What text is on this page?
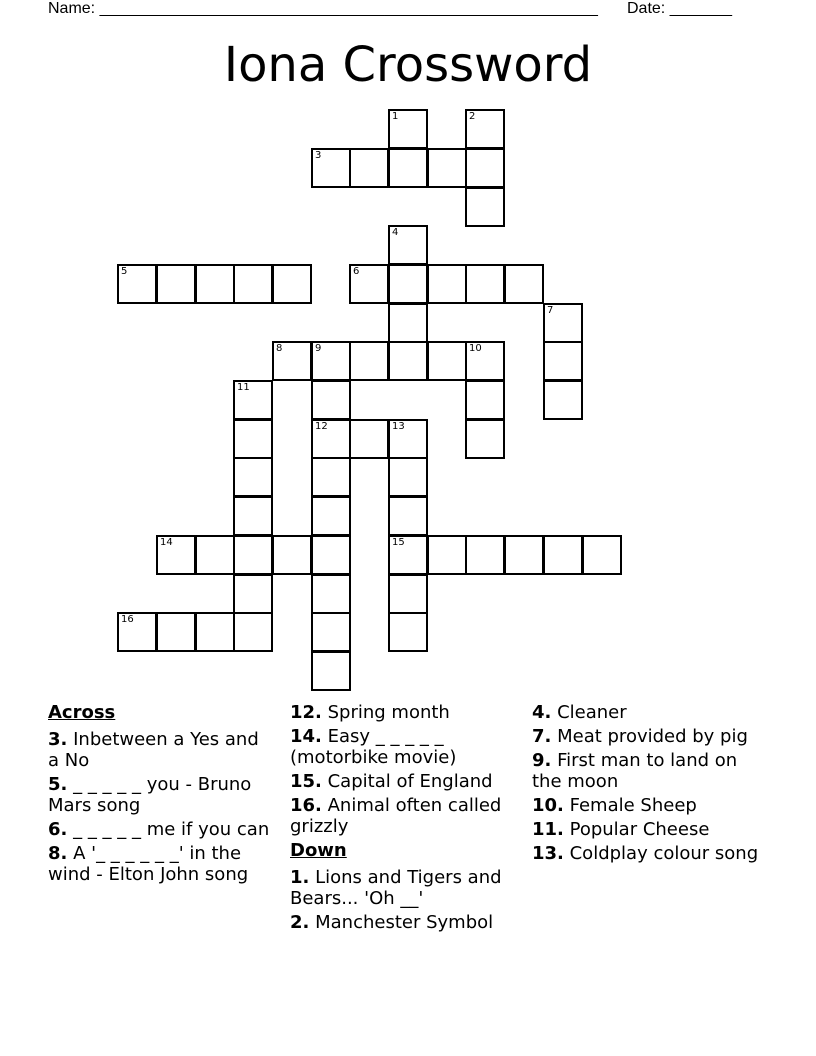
Name: ________________________________________________________ Date: _______
Iona Crossword
1	2
3
4
5	6
7
8	9	10
11
12	13
14	15
16
Across
3. Inbetween a Yes and a No
5. _ _ _ _ _ you - Bruno Mars song
6. _ _ _ _ _ me if you can
8. A '_ _ _ _ _ _' in the wind - Elton John song
12. Spring month
14. Easy _ _ _ _ _ (motorbike movie)
15. Capital of England
16. Animal often called grizzly
Down
1. Lions and Tigers and Bears... 'Oh __'
2. Manchester Symbol
4. Cleaner
7. Meat provided by pig
9. First man to land on the moon
10. Female Sheep
11. Popular Cheese
13. Coldplay colour song
